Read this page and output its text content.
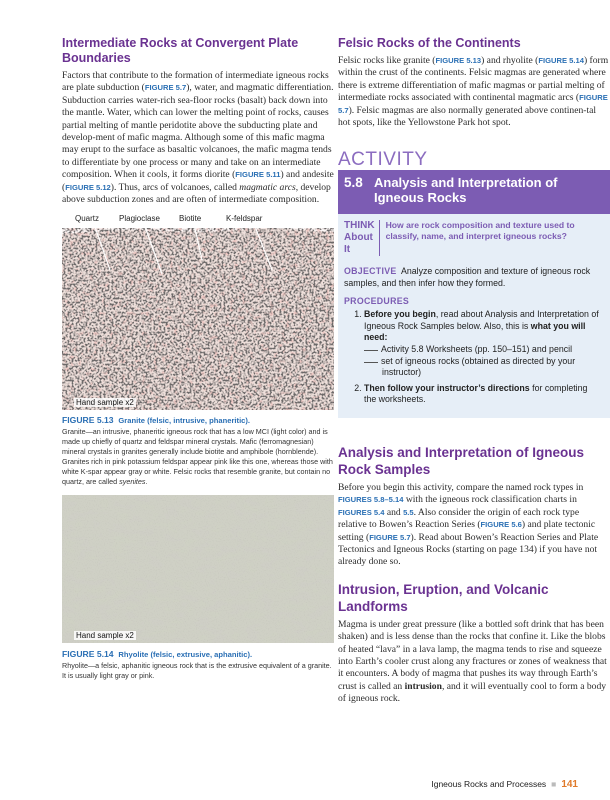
Intermediate Rocks at Convergent Plate Boundaries

Factors that contribute to the formation of intermediate igneous rocks are plate subduction (FIGURE 5.7), water, and magmatic differentiation. Subduction carries water-rich sea-floor rocks (basalt) back down into the mantle. Water, which can lower the melting point of rocks, causes partial melting of mantle peridotite above the subducting plate and develop-ment of mafic magma. Although some of this mafic magma may erupt to the surface as basaltic volcanoes, the mafic magma tends to differentiate by one process or many and take on an intermediate composition. When it cools, it forms diorite (FIGURE 5.11) and andesite (FIGURE 5.12). Thus, arcs of volcanoes, called magmatic arcs, develop above subduction zones and are often of intermediate composition.

Quartz Plagioclase Biotite	K-feldspar
Hand sample x2
FIGURE 5.13 Granite (felsic, intrusive, phaneritic).

Granite—an intrusive, phaneritic igneous rock that has a low MCI (light color) and is made up chiefly of quartz and feldspar mineral crystals. Mafic (ferromagnesian) mineral crystals in granites generally include biotite and amphibole (hornblende). Granites rich in pink potassium feldspar appear pink like this one, whereas those with white K-spar appear gray or white. Felsic rocks that resemble granite, but contain no quartz, are called syenites.

Hand sample x2
FIGURE 5.14 Rhyolite (felsic, extrusive, aphanitic).

Rhyolite—a felsic, aphanitic igneous rock that is the extrusive equivalent of a granite. It is usually light gray or pink.

Felsic Rocks of the Continents

Felsic rocks like granite (FIGURE 5.13) and rhyolite (FIGURE 5.14) form within the crust of the continents. Felsic magmas are generated where there is extreme differentiation of mafic magmas or partial melting of intermediate rocks associated with continental magmatic arcs (FIGURE 5.7). Felsic magmas are also normally generated above continen-tal hot spots, like the Yellowstone Park hot spot.

ACTIVITY
5.8 Analysis and Interpretation of Igneous Rocks
THINK About It
How are rock composition and texture used to classify, name, and interpret igneous rocks?
OBJECTIVE Analyze composition and texture of igneous rock samples, and then infer how they formed.
PROCEDURES
1. Before you begin, read about Analysis and Interpretation of Igneous Rock Samples below. Also, this is what you will need:
Activity 5.8 Worksheets (pp. 150–151) and pencil
set of igneous rocks (obtained as directed by your instructor)
2. Then follow your instructor’s directions for completing the worksheets.
Analysis and Interpretation of Igneous Rock Samples

Before you begin this activity, compare the named rock types in FIGURES 5.8–5.14 with the igneous rock classification charts in FIGURES 5.4 and 5.5. Also consider the origin of each rock type relative to Bowen’s Reaction Series (FIGURE 5.6) and plate tectonic setting (FIGURE 5.7). Read about Bowen’s Reaction Series and Plate Tectonics and Igneous Rocks (starting on page 134) if you have not already done so.

Intrusion, Eruption, and Volcanic Landforms

Magma is under great pressure (like a bottled soft drink that has been shaken) and is less dense than the rocks that confine it. Like the blobs of heated “lava” in a lava lamp, the magma tends to rise and squeeze into Earth’s cooler crust along any fractures or zones of weakness that it encounters. A body of magma that pushes its way through Earth’s crust is called an intrusion, and it will eventually cool to form a body of igneous rock.

Igneous Rocks and Processes ■ 141
